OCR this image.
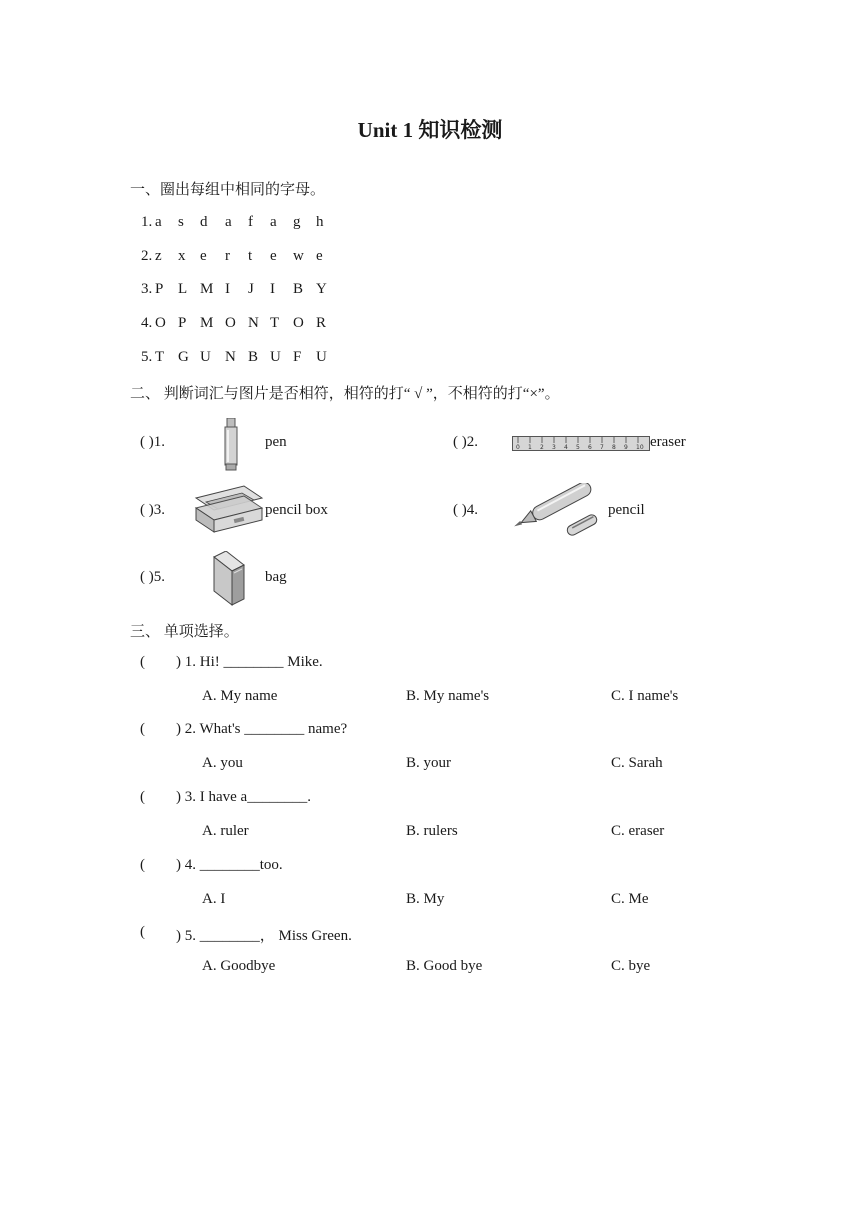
Unit 1 知识检测
一、圈出每组中相同的字母。
1. a s d a f a g h
2. z x e r t e w e
3. P L M I J I B Y
4. O P M O N T O R
5. T G U N B U F U
二、 判断词汇与图片是否相符，相符的打“ √ ”，不相符的打“×”。
( )1.	pen	( )2.	0 1 2 3 4 5 6 7 8 9 10 eraser
( )3.	pencil box	( )4.	pencil
( )5.	bag
三、 单项选择。
( ) 1. Hi! ________ Mike.
A. My name	B. My name's	C. I name's
( ) 2. What's ________ name?
A. you	B. your	C. Sarah
( ) 3. I have a________.
A. ruler	B. rulers	C. eraser
( ) 4. ________too.
A. I	B. My	C. Me
( ) 5. ________， Miss Green.
A. Goodbye	B. Good bye	C. bye
